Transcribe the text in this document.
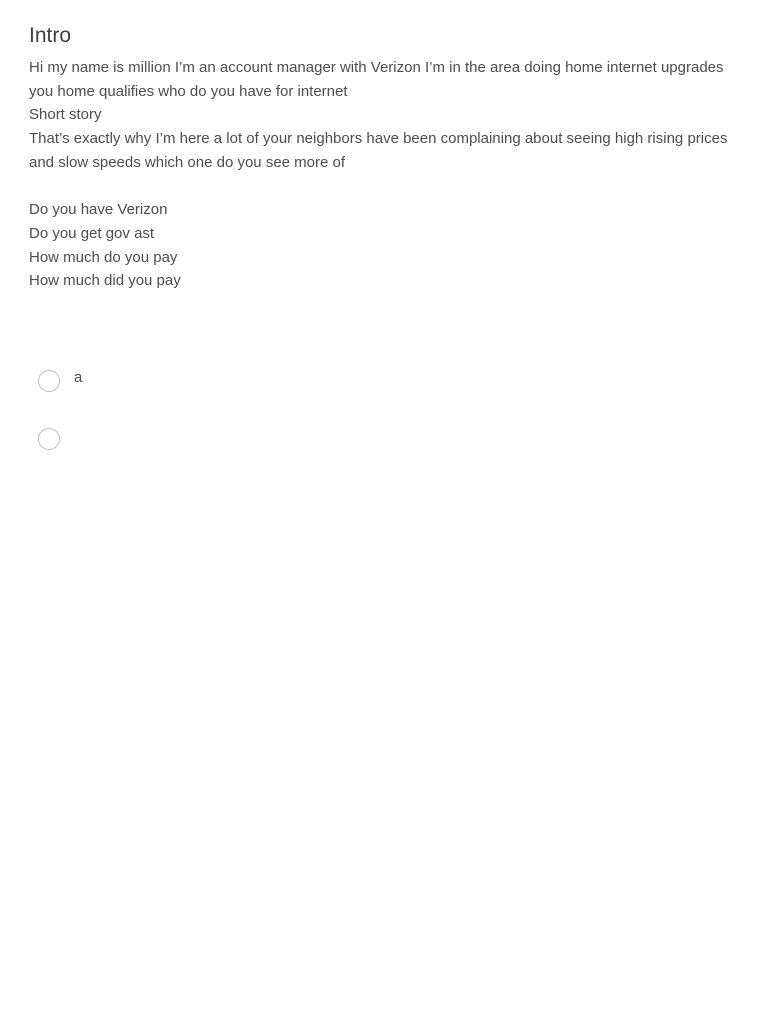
Intro

Hi my name is million I’m an account manager with Verizon I’m in the area doing home internet upgrades you home qualifies who do you have for internet

Short story

That’s exactly why I’m here a lot of your neighbors have been complaining about seeing high rising prices and slow speeds which one do you see more of

Do you have Verizon

Do you get gov ast

How much do you pay

How much did you pay

a
